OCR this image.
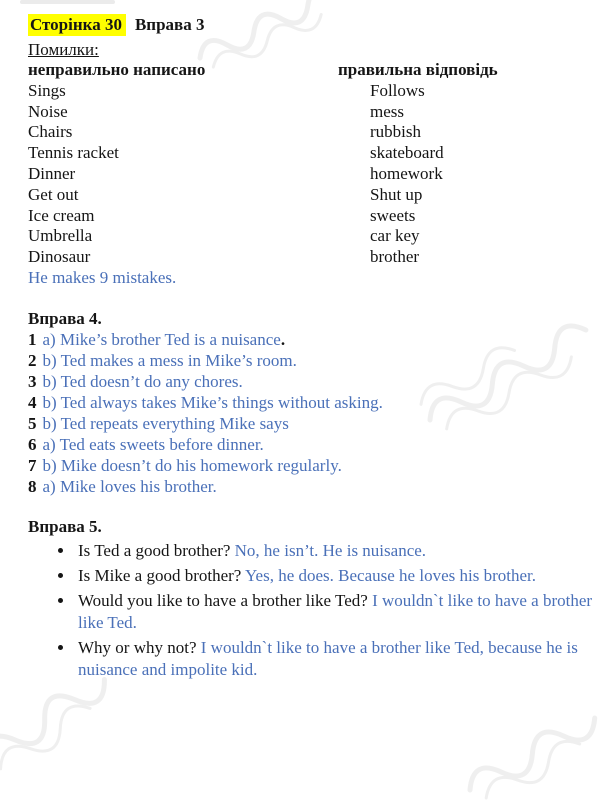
Сторінка 30 Вправа 3
Помилки:
неправильно написано	правильна відповідь
Sings	Follows
Noise	mess
Chairs	rubbish
Tennis racket	skateboard
Dinner	homework
Get out	Shut up
Ice cream	sweets
Umbrella	car key
Dinosaur	brother
He makes 9 mistakes.
Вправа 4.
1 a) Mike’s brother Ted is a nuisance.
2 b) Ted makes a mess in Mike’s room.
3 b) Ted doesn’t do any chores.
4 b) Ted always takes Mike’s things without asking.
5 b) Ted repeats everything Mike says
6 a) Ted eats sweets before dinner.
7 b) Mike doesn’t do his homework regularly.
8 a) Mike loves his brother.
Вправа 5.
• Is Ted a good brother? No, he isn’t. He is nuisance.
• Is Mike a good brother? Yes, he does. Because he loves his brother.
• Would you like to have a brother like Ted? I wouldn`t like to have a brother like Ted.
• Why or why not? I wouldn`t like to have a brother like Ted, because he is nuisance and impolite kid.
